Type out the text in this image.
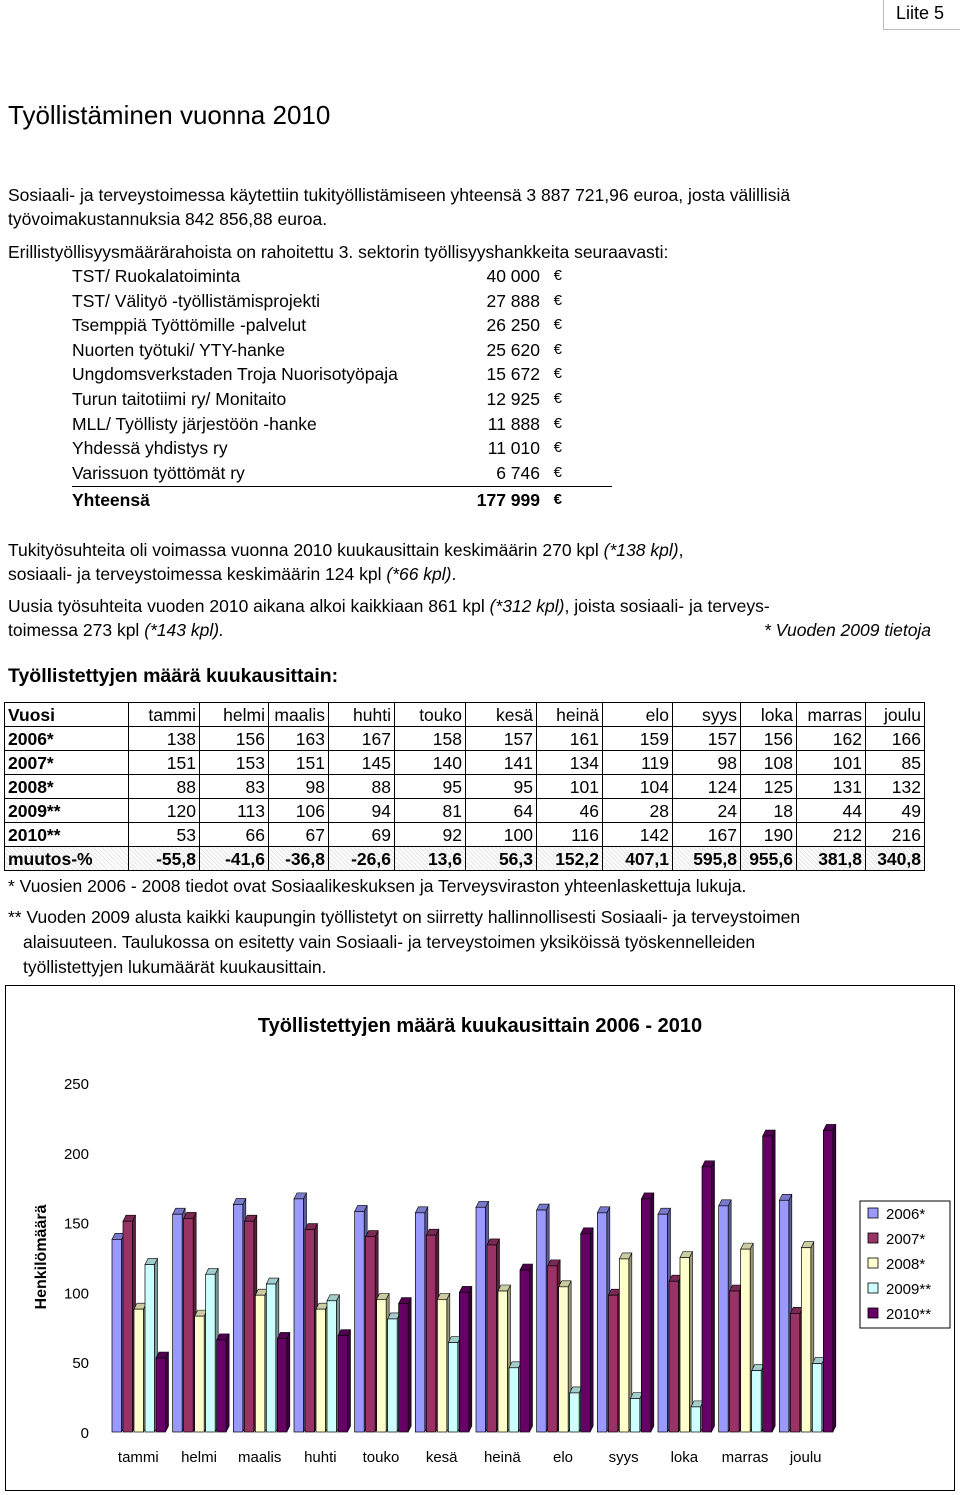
Liite 5
Työllistäminen vuonna 2010
Sosiaali- ja terveystoimessa käytettiin tukityöllistämiseen yhteensä 3 887 721,96 euroa, josta välillisiä
työvoimakustannuksia 842 856,88 euroa.
Erillistyöllisyysmäärärahoista on rahoitettu 3. sektorin työllisyyshankkeita seuraavasti:
TST/ Ruokalatoiminta	40 000 €
TST/ Välityö -työllistämisprojekti	27 888 €
Tsemppiä Työttömille -palvelut	26 250 €
Nuorten työtuki/ YTY-hanke	25 620 €
Ungdomsverkstaden Troja Nuorisotyöpaja	15 672 €
Turun taitotiimi ry/ Monitaito	12 925 €
MLL/ Työllisty järjestöön -hanke	11 888 €
Yhdessä yhdistys ry	11 010 €
Varissuon työttömät ry	6 746 €
Yhteensä	177 999 €
Tukityösuhteita oli voimassa vuonna 2010 kuukausittain keskimäärin 270 kpl (*138 kpl),
sosiaali- ja terveystoimessa keskimäärin 124 kpl (*66 kpl).
Uusia työsuhteita vuoden 2010 aikana alkoi kaikkiaan 861 kpl (*312 kpl), joista sosiaali- ja terveys-
toimessa 273 kpl (*143 kpl).	* Vuoden 2009 tietoja
Työllistettyjen määrä kuukausittain:
Vuosi	tammi	helmi	maalis	huhti	touko	kesä	heinä	elo	syys	loka	marras	joulu
2006*	138	156	163	167	158	157	161	159	157	156	162	166
2007*	151	153	151	145	140	141	134	119	98	108	101	85
2008*	88	83	98	88	95	95	101	104	124	125	131	132
2009**	120	113	106	94	81	64	46	28	24	18	44	49
2010**	53	66	67	69	92	100	116	142	167	190	212	216
muutos-%	-55,8	-41,6	-36,8	-26,6	13,6	56,3	152,2	407,1	595,8	955,6	381,8	340,8
* Vuosien 2006 - 2008 tiedot ovat Sosiaalikeskuksen ja Terveysviraston yhteenlaskettuja lukuja.
** Vuoden 2009 alusta kaikki kaupungin työllistetyt on siirretty hallinnollisesti Sosiaali- ja terveystoimen
alaisuuteen. Taulukossa on esitetty vain Sosiaali- ja terveystoimen yksiköissä työskennelleiden
työllistettyjen lukumäärät kuukausittain.
Työllistettyjen määrä kuukausittain 2006 - 2010
0
50
100
150
200
250
Henkilömäärä
tammi helmi maalis huhti touko kesä heinä elo syys loka marras joulu
2006*
2007*
2008*
2009**
2010**
